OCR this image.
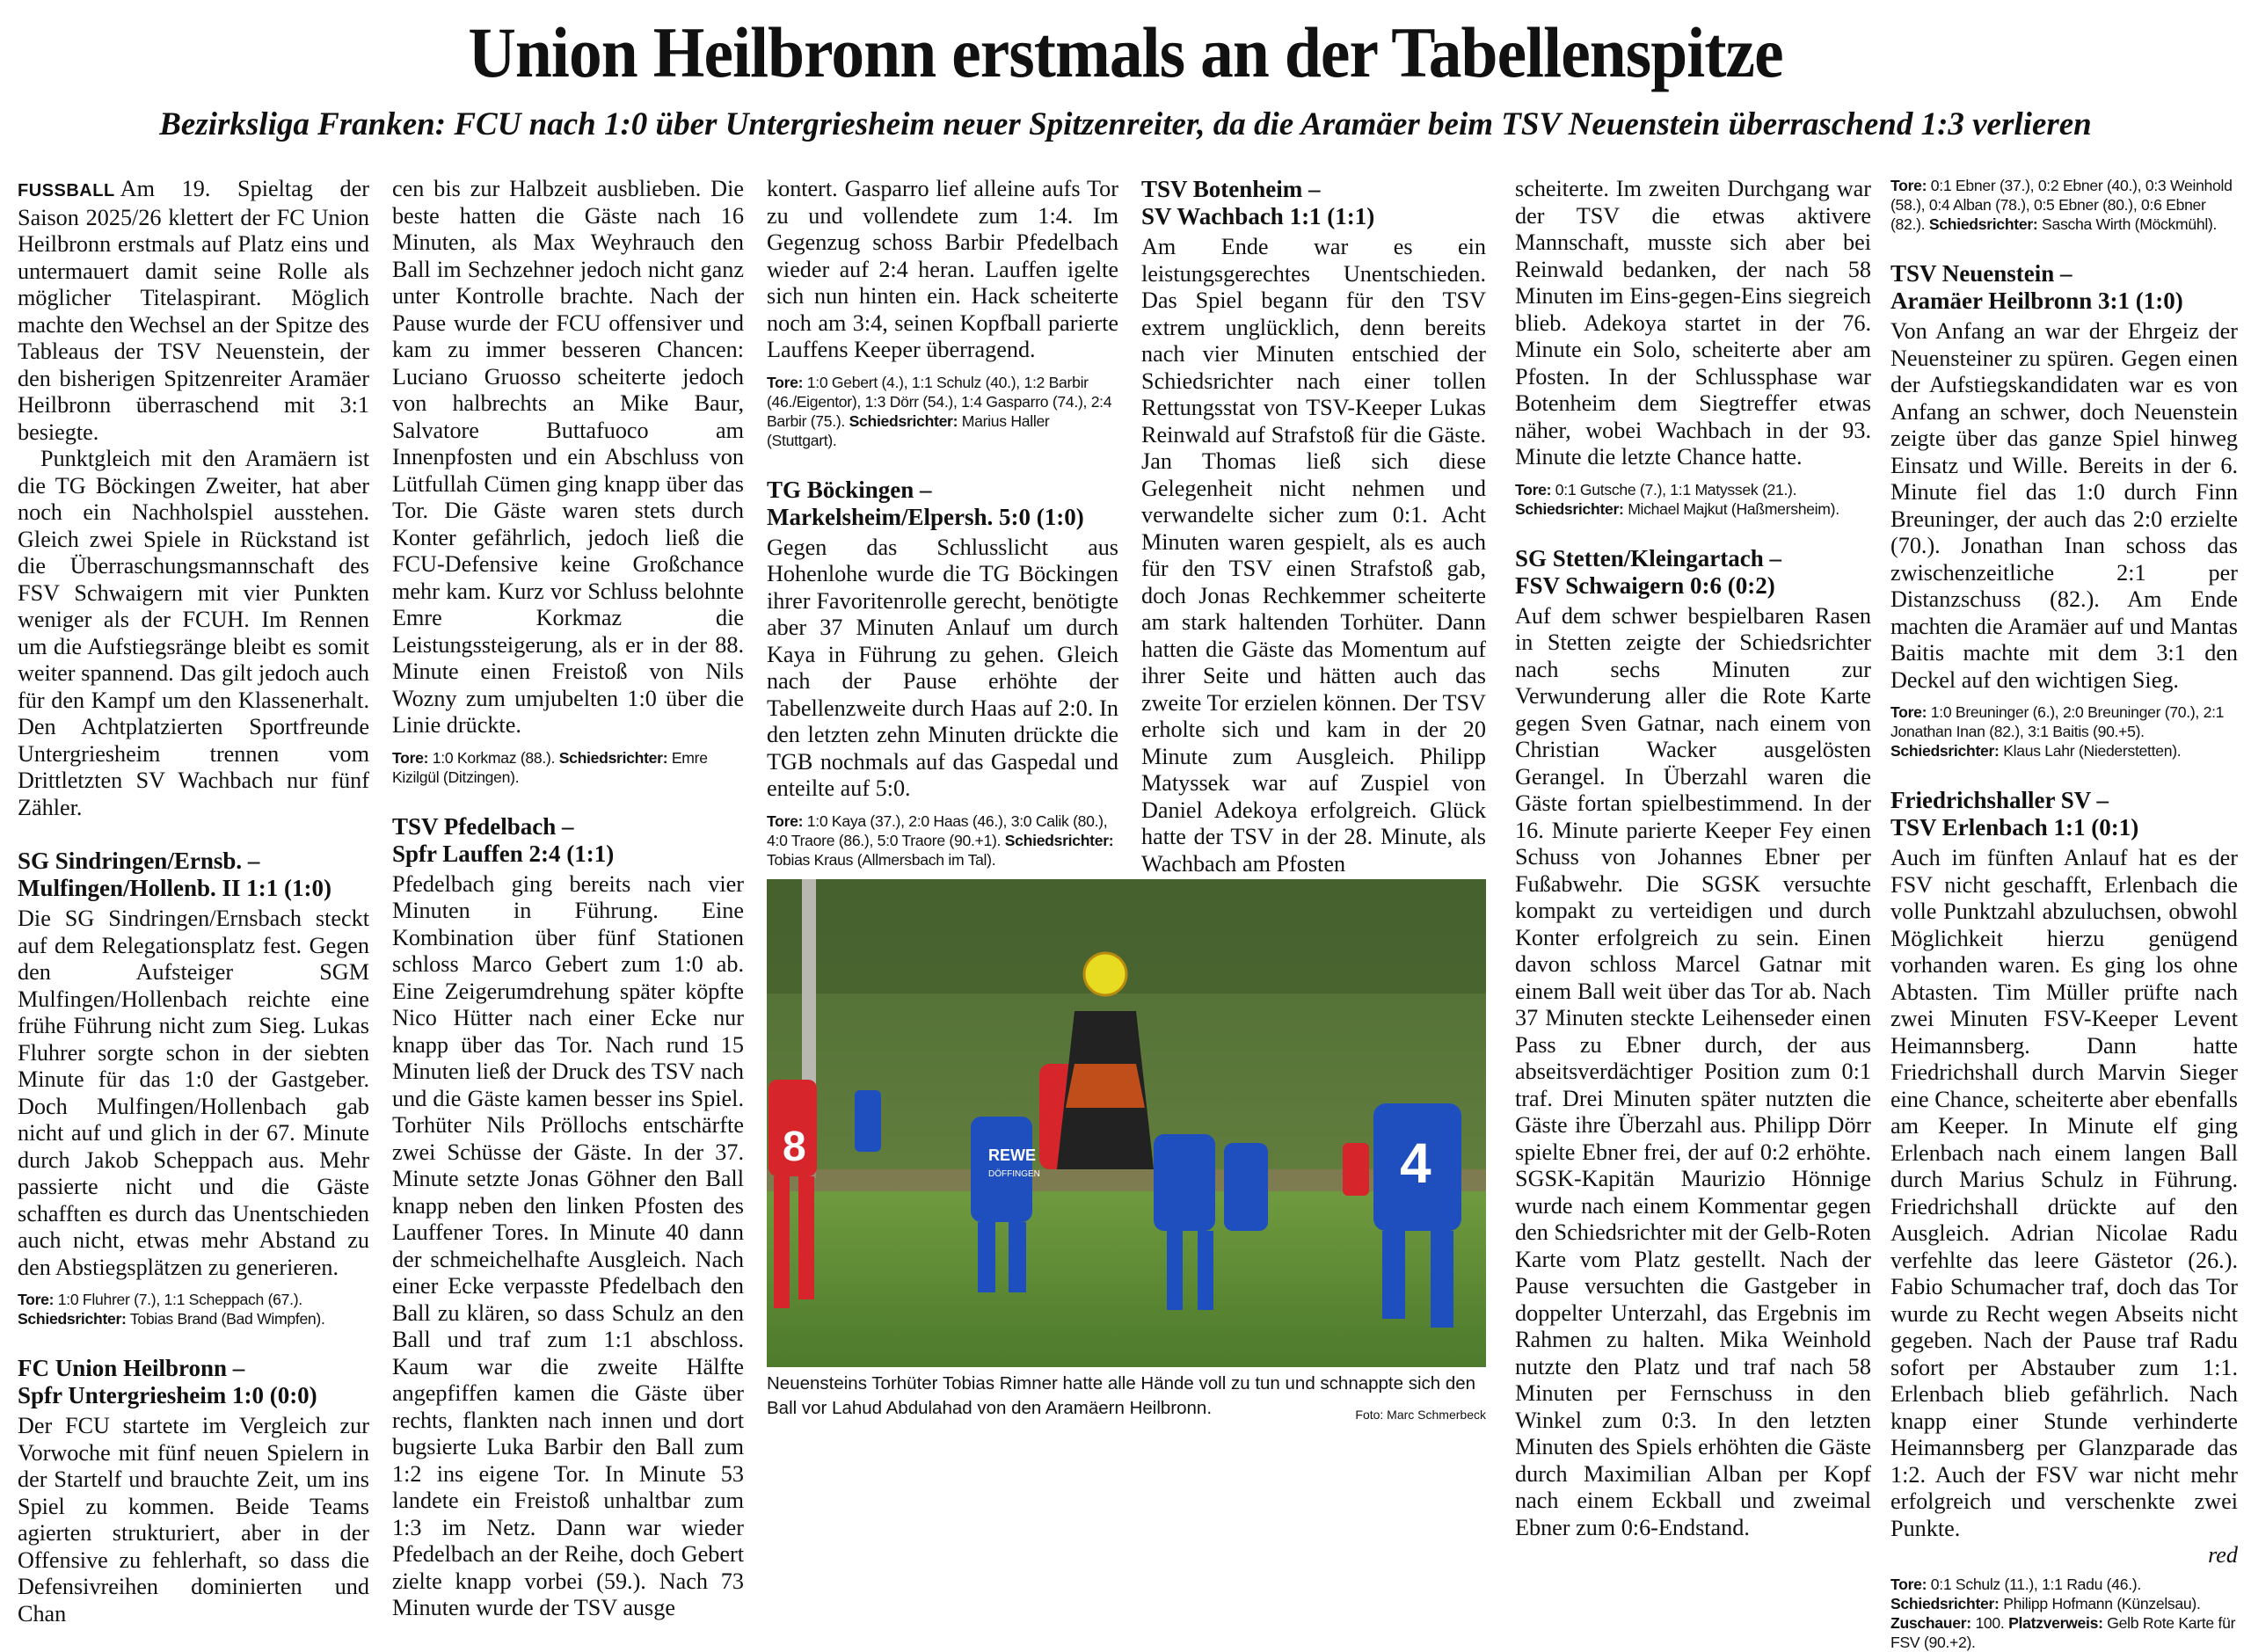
Union Heilbronn erstmals an der Tabellenspitze
Bezirksliga Franken: FCU nach 1:0 über Untergriesheim neuer Spitzenreiter, da die Aramäer beim TSV Neuenstein überraschend 1:3 verlieren

FUSSBALL Am 19. Spieltag der Saison 2025/26 klettert der FC Union Heilbronn erstmals auf Platz eins und untermauert damit seine Rolle als möglicher Titelaspirant. Möglich machte den Wechsel an der Spitze des Tableaus der TSV Neuenstein, der den bisherigen Spitzenreiter Aramäer Heilbronn überraschend mit 3:1 besiegte.

Punktgleich mit den Aramäern ist die TG Böckingen Zweiter, hat aber noch ein Nachholspiel ausstehen. Gleich zwei Spiele in Rückstand ist die Überraschungsmannschaft des FSV Schwaigern mit vier Punkten weniger als der FCUH. Im Rennen um die Aufstiegsränge bleibt es somit weiter spannend. Das gilt jedoch auch für den Kampf um den Klassenerhalt. Den Achtplatzierten Sportfreunde Untergriesheim trennen vom Drittletzten SV Wachbach nur fünf Zähler.

SG Sindringen/Ernsb. –
Mulfingen/Hollenb. II 1:1 (1:0)

Die SG Sindringen/Ernsbach steckt auf dem Relegationsplatz fest. Gegen den Aufsteiger SGM Mulfingen/Hollenbach reichte eine frühe Führung nicht zum Sieg. Lukas Fluhrer sorgte schon in der siebten Minute für das 1:0 der Gastgeber. Doch Mulfingen/Hollenbach gab nicht auf und glich in der 67. Minute durch Jakob Scheppach aus. Mehr passierte nicht und die Gäste schafften es durch das Unentschieden auch nicht, etwas mehr Abstand zu den Abstiegsplätzen zu generieren.

Tore: 1:0 Fluhrer (7.), 1:1 Scheppach (67.). Schiedsrichter: Tobias Brand (Bad Wimpfen).
FC Union Heilbronn –
Spfr Untergriesheim 1:0 (0:0)

Der FCU startete im Vergleich zur Vorwoche mit fünf neuen Spielern in der Startelf und brauchte Zeit, um ins Spiel zu kommen. Beide Teams agierten strukturiert, aber in der Offensive zu fehlerhaft, so dass die Defensivreihen dominierten und Chan

cen bis zur Halbzeit ausblieben. Die beste hatten die Gäste nach 16 Minuten, als Max Weyhrauch den Ball im Sechzehner jedoch nicht ganz unter Kontrolle brachte. Nach der Pause wurde der FCU offensiver und kam zu immer besseren Chancen: Luciano Gruosso scheiterte jedoch von halbrechts an Mike Baur, Salvatore Buttafuoco am Innenpfosten und ein Abschluss von Lütfullah Cümen ging knapp über das Tor. Die Gäste waren stets durch Konter gefährlich, jedoch ließ die FCU-Defensive keine Großchance mehr kam. Kurz vor Schluss belohnte Emre Korkmaz die Leistungssteigerung, als er in der 88. Minute einen Freistoß von Nils Wozny zum umjubelten 1:0 über die Linie drückte.

Tore: 1:0 Korkmaz (88.). Schiedsrichter: Emre Kizilgül (Ditzingen).
TSV Pfedelbach –
Spfr Lauffen 2:4 (1:1)

Pfedelbach ging bereits nach vier Minuten in Führung. Eine Kombination über fünf Stationen schloss Marco Gebert zum 1:0 ab. Eine Zeigerumdrehung später köpfte Nico Hütter nach einer Ecke nur knapp über das Tor. Nach rund 15 Minuten ließ der Druck des TSV nach und die Gäste kamen besser ins Spiel. Torhüter Nils Pröllochs entschärfte zwei Schüsse der Gäste. In der 37. Minute setzte Jonas Göhner den Ball knapp neben den linken Pfosten des Lauffener Tores. In Minute 40 dann der schmeichelhafte Ausgleich. Nach einer Ecke verpasste Pfedelbach den Ball zu klären, so dass Schulz an den Ball und traf zum 1:1 abschloss. Kaum war die zweite Hälfte angepfiffen kamen die Gäste über rechts, flankten nach innen und dort bugsierte Luka Barbir den Ball zum 1:2 ins eigene Tor. In Minute 53 landete ein Freistoß unhaltbar zum 1:3 im Netz. Dann war wieder Pfedelbach an der Reihe, doch Gebert zielte knapp vorbei (59.). Nach 73 Minuten wurde der TSV ausge

kontert. Gasparro lief alleine aufs Tor zu und vollendete zum 1:4. Im Gegenzug schoss Barbir Pfedelbach wieder auf 2:4 heran. Lauffen igelte sich nun hinten ein. Hack scheiterte noch am 3:4, seinen Kopfball parierte Lauffens Keeper überragend.

Tore: 1:0 Gebert (4.), 1:1 Schulz (40.), 1:2 Barbir (46./Eigentor), 1:3 Dörr (54.), 1:4 Gasparro (74.), 2:4 Barbir (75.). Schiedsrichter: Marius Haller (Stuttgart).
TG Böckingen –
Markelsheim/Elpersh. 5:0 (1:0)

Gegen das Schlusslicht aus Hohenlohe wurde die TG Böckingen ihrer Favoritenrolle gerecht, benötigte aber 37 Minuten Anlauf um durch Kaya in Führung zu gehen. Gleich nach der Pause erhöhte der Tabellenzweite durch Haas auf 2:0. In den letzten zehn Minuten drückte die TGB nochmals auf das Gaspedal und enteilte auf 5:0.

Tore: 1:0 Kaya (37.), 2:0 Haas (46.), 3:0 Calik (80.), 4:0 Traore (86.), 5:0 Traore (90.+1). Schiedsrichter: Tobias Kraus (Allmersbach im Tal).
TSV Botenheim –
SV Wachbach 1:1 (1:1)

Am Ende war es ein leistungsgerechtes Unentschieden. Das Spiel begann für den TSV extrem unglücklich, denn bereits nach vier Minuten entschied der Schiedsrichter nach einer tollen Rettungsstat von TSV-Keeper Lukas Reinwald auf Strafstoß für die Gäste. Jan Thomas ließ sich diese Gelegenheit nicht nehmen und verwandelte sicher zum 0:1. Acht Minuten waren gespielt, als es auch für den TSV einen Strafstoß gab, doch Jonas Rechkemmer scheiterte am stark haltenden Torhüter. Dann hatten die Gäste das Momentum auf ihrer Seite und hätten auch das zweite Tor erzielen können. Der TSV erholte sich und kam in der 20 Minute zum Ausgleich. Philipp Matyssek war auf Zuspiel von Daniel Adekoya erfolgreich. Glück hatte der TSV in der 28. Minute, als Wachbach am Pfosten

8	REWE
DÖFFINGEN	4
Neuensteins Torhüter Tobias Rimner hatte alle Hände voll zu tun und schnappte sich den Ball vor Lahud Abdulahad von den Aramäern Heilbronn.	Foto: Marc Schmerbeck

scheiterte. Im zweiten Durchgang war der TSV die etwas aktivere Mannschaft, musste sich aber bei Reinwald bedanken, der nach 58 Minuten im Eins-gegen-Eins siegreich blieb. Adekoya startet in der 76. Minute ein Solo, scheiterte aber am Pfosten. In der Schlussphase war Botenheim dem Siegtreffer etwas näher, wobei Wachbach in der 93. Minute die letzte Chance hatte.

Tore: 0:1 Gutsche (7.), 1:1 Matyssek (21.). Schiedsrichter: Michael Majkut (Haßmersheim).
SG Stetten/Kleingartach –
FSV Schwaigern 0:6 (0:2)

Auf dem schwer bespielbaren Rasen in Stetten zeigte der Schiedsrichter nach sechs Minuten zur Verwunderung aller die Rote Karte gegen Sven Gatnar, nach einem von Christian Wacker ausgelösten Gerangel. In Überzahl waren die Gäste fortan spielbestimmend. In der 16. Minute parierte Keeper Fey einen Schuss von Johannes Ebner per Fußabwehr. Die SGSK versuchte kompakt zu verteidigen und durch Konter erfolgreich zu sein. Einen davon schloss Marcel Gatnar mit einem Ball weit über das Tor ab. Nach 37 Minuten steckte Leihenseder einen Pass zu Ebner durch, der aus abseitsverdächtiger Position zum 0:1 traf. Drei Minuten später nutzten die Gäste ihre Überzahl aus. Philipp Dörr spielte Ebner frei, der auf 0:2 erhöhte. SGSK-Kapitän Maurizio Hönnige wurde nach einem Kommentar gegen den Schiedsrichter mit der Gelb-Roten Karte vom Platz gestellt. Nach der Pause versuchten die Gastgeber in doppelter Unterzahl, das Ergebnis im Rahmen zu halten. Mika Weinhold nutzte den Platz und traf nach 58 Minuten per Fernschuss in den Winkel zum 0:3. In den letzten Minuten des Spiels erhöhten die Gäste durch Maximilian Alban per Kopf nach einem Eckball und zweimal Ebner zum 0:6-Endstand.

Tore: 0:1 Ebner (37.), 0:2 Ebner (40.), 0:3 Weinhold (58.), 0:4 Alban (78.), 0:5 Ebner (80.), 0:6 Ebner (82.). Schiedsrichter: Sascha Wirth (Möckmühl).
TSV Neuenstein –
Aramäer Heilbronn 3:1 (1:0)

Von Anfang an war der Ehrgeiz der Neuensteiner zu spüren. Gegen einen der Aufstiegskandidaten war es von Anfang an schwer, doch Neuenstein zeigte über das ganze Spiel hinweg Einsatz und Wille. Bereits in der 6. Minute fiel das 1:0 durch Finn Breuninger, der auch das 2:0 erzielte (70.). Jonathan Inan schoss das zwischenzeitliche 2:1 per Distanzschuss (82.). Am Ende machten die Aramäer auf und Mantas Baitis machte mit dem 3:1 den Deckel auf den wichtigen Sieg.

Tore: 1:0 Breuninger (6.), 2:0 Breuninger (70.), 2:1 Jonathan Inan (82.), 3:1 Baitis (90.+5). Schiedsrichter: Klaus Lahr (Niederstetten).
Friedrichshaller SV –
TSV Erlenbach 1:1 (0:1)

Auch im fünften Anlauf hat es der FSV nicht geschafft, Erlenbach die volle Punktzahl abzuluchsen, obwohl Möglichkeit hierzu genügend vorhanden waren. Es ging los ohne Abtasten. Tim Müller prüfte nach zwei Minuten FSV-Keeper Levent Heimannsberg. Dann hatte Friedrichshall durch Marvin Sieger eine Chance, scheiterte aber ebenfalls am Keeper. In Minute elf ging Erlenbach nach einem langen Ball durch Marius Schulz in Führung. Friedrichshall drückte auf den Ausgleich. Adrian Nicolae Radu verfehlte das leere Gästetor (26.). Fabio Schumacher traf, doch das Tor wurde zu Recht wegen Abseits nicht gegeben. Nach der Pause traf Radu sofort per Abstauber zum 1:1. Erlenbach blieb gefährlich. Nach knapp einer Stunde verhinderte Heimannsberg per Glanzparade das 1:2. Auch der FSV war nicht mehr erfolgreich und verschenkte zwei Punkte.

red

Tore: 0:1 Schulz (11.), 1:1 Radu (46.). Schiedsrichter: Philipp Hofmann (Künzelsau). Zuschauer: 100. Platzverweis: Gelb Rote Karte für FSV (90.+2).
